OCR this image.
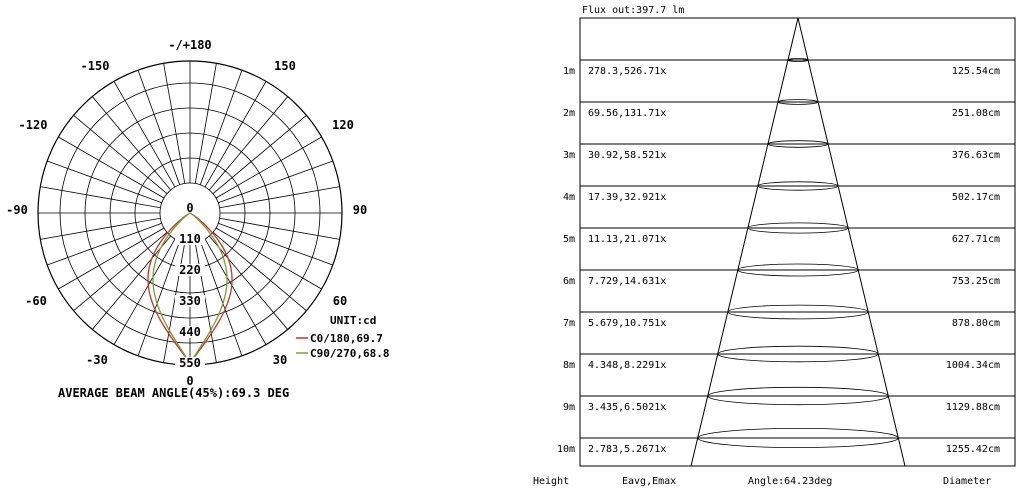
-/+180
-150	150
-120	120
-90	90
-60	60
-30	30
0
0
110
220
330
440
550
UNIT:cd
C0/180,69.7
C90/270,68.8
AVERAGE BEAM ANGLE(45%):69.3 DEG
Flux out:397.7 lm
1m 278.3,526.71x	125.54cm
2m 69.56,131.71x	251.08cm
3m 30.92,58.521x	376.63cm
4m 17.39,32.921x	502.17cm
5m 11.13,21.071x	627.71cm
6m 7.729,14.631x	753.25cm
7m 5.679,10.751x	878.80cm
8m 4.348,8.2291x	1004.34cm
9m 3.435,6.5021x	1129.88cm
10m 2.783,5.2671x	1255.42cm
Height	Eavg,Emax	Angle:64.23deg	Diameter
